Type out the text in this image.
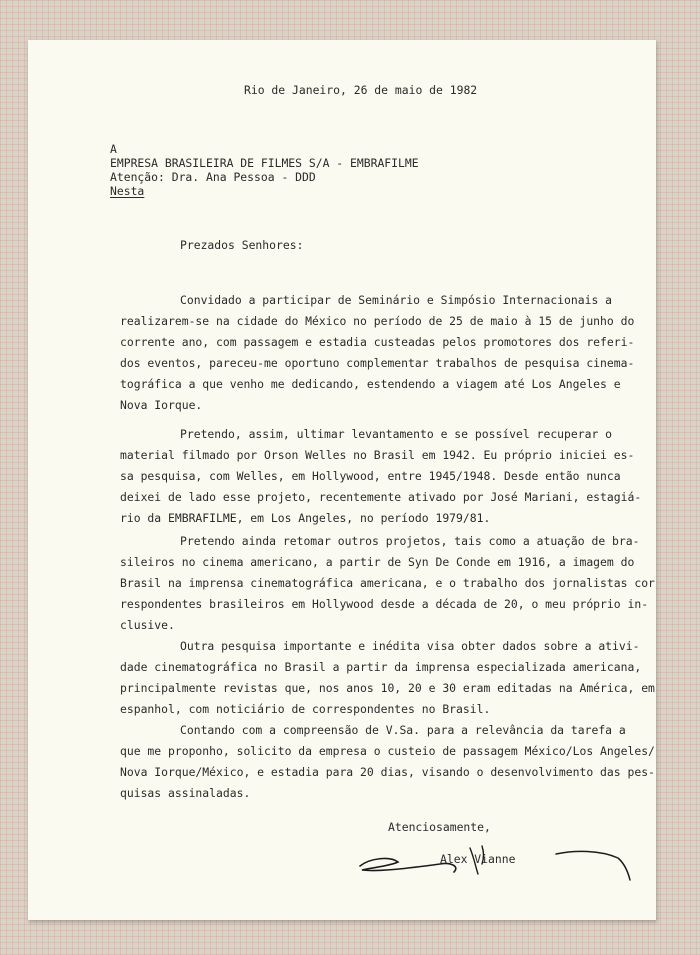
Rio de Janeiro, 26 de maio de 1982
A
EMPRESA BRASILEIRA DE FILMES S/A - EMBRAFILME
Atenção: Dra. Ana Pessoa - DDD
Nesta
Prezados Senhores:
Convidado a participar de Seminário e Simpósio Internacionais a
realizarem-se na cidade do México no período de 25 de maio à 15 de junho do
corrente ano, com passagem e estadia custeadas pelos promotores dos referi-
dos eventos, pareceu-me oportuno complementar trabalhos de pesquisa cinema-
tográfica a que venho me dedicando, estendendo a viagem até Los Angeles e
Nova Iorque.
Pretendo, assim, ultimar levantamento e se possível recuperar o
material filmado por Orson Welles no Brasil em 1942. Eu próprio iniciei es-
sa pesquisa, com Welles, em Hollywood, entre 1945/1948. Desde então nunca
deixei de lado esse projeto, recentemente ativado por José Mariani, estagiá-
rio da EMBRAFILME, em Los Angeles, no período 1979/81.
Pretendo ainda retomar outros projetos, tais como a atuação de bra-
sileiros no cinema americano, a partir de Syn De Conde em 1916, a imagem do
Brasil na imprensa cinematográfica americana, e o trabalho dos jornalistas cor
respondentes brasileiros em Hollywood desde a década de 20, o meu próprio in-
clusive.
Outra pesquisa importante e inédita visa obter dados sobre a ativi-
dade cinematográfica no Brasil a partir da imprensa especializada americana,
principalmente revistas que, nos anos 10, 20 e 30 eram editadas na América, em
espanhol, com noticiário de correspondentes no Brasil.
Contando com a compreensão de V.Sa. para a relevância da tarefa a
que me proponho, solicito da empresa o custeio de passagem México/Los Angeles/
Nova Iorque/México, e estadia para 20 dias, visando o desenvolvimento das pes-
quisas assinaladas.
Atenciosamente,
Alex Vianne
